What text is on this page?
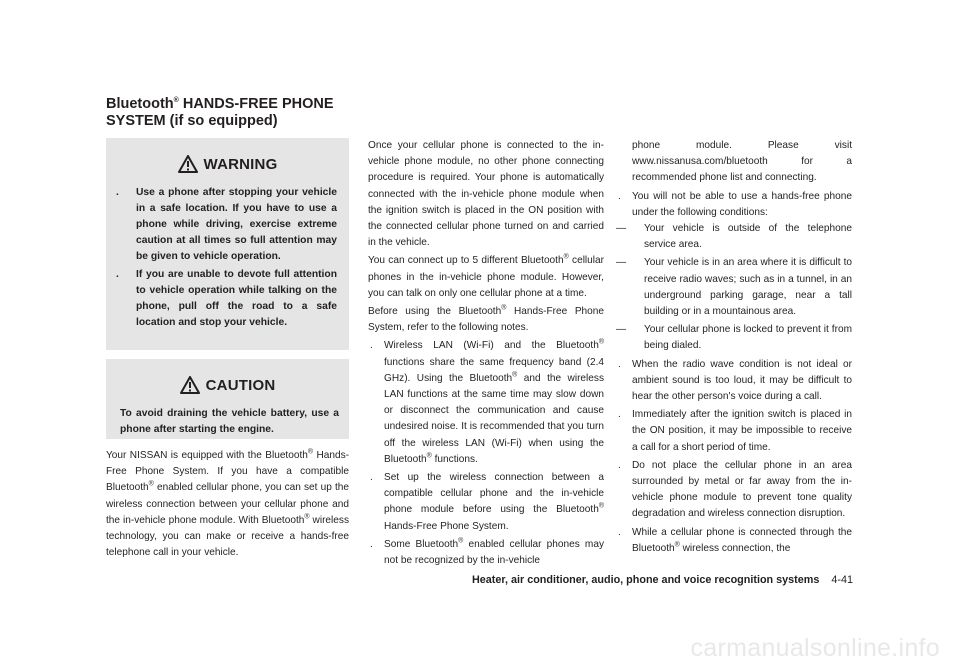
Bluetooth® HANDS-FREE PHONE
SYSTEM (if so equipped)
WARNING
. Use a phone after stopping your vehicle in a safe location. If you have to use a phone while driving, exercise extreme caution at all times so full attention may be given to vehicle operation.
. If you are unable to devote full attention to vehicle operation while talking on the phone, pull off the road to a safe location and stop your vehicle.
CAUTION

To avoid draining the vehicle battery, use a phone after starting the engine.

Your NISSAN is equipped with the Bluetooth® Hands-Free Phone System. If you have a compatible Bluetooth® enabled cellular phone, you can set up the wireless connection between your cellular phone and the in-vehicle phone module. With Bluetooth® wireless technology, you can make or receive a hands-free telephone call in your vehicle.

Once your cellular phone is connected to the in-vehicle phone module, no other phone connecting procedure is required. Your phone is automatically connected with the in-vehicle phone module when the ignition switch is placed in the ON position with the connected cellular phone turned on and carried in the vehicle.

You can connect up to 5 different Bluetooth® cellular phones in the in-vehicle phone module. However, you can talk on only one cellular phone at a time.

Before using the Bluetooth® Hands-Free Phone System, refer to the following notes.

. Wireless LAN (Wi-Fi) and the Bluetooth® functions share the same frequency band (2.4 GHz). Using the Bluetooth® and the wireless LAN functions at the same time may slow down or disconnect the communication and cause undesired noise. It is recommended that you turn off the wireless LAN (Wi-Fi) when using the Bluetooth® functions.
. Set up the wireless connection between a compatible cellular phone and the in-vehicle phone module before using the Bluetooth® Hands-Free Phone System.
. Some Bluetooth® enabled cellular phones may not be recognized by the in-vehicle

phone module. Please visit www.nissanusa.com/bluetooth for a recommended phone list and connecting.

. You will not be able to use a hands-free phone under the following conditions:
—	Your vehicle is outside of the telephone service area.
—	Your vehicle is in an area where it is difficult to receive radio waves; such as in a tunnel, in an underground parking garage, near a tall building or in a mountainous area.
—	Your cellular phone is locked to prevent it from being dialed.
. When the radio wave condition is not ideal or ambient sound is too loud, it may be difficult to hear the other person's voice during a call.
. Immediately after the ignition switch is placed in the ON position, it may be impossible to receive a call for a short period of time.
. Do not place the cellular phone in an area surrounded by metal or far away from the in-vehicle phone module to prevent tone quality degradation and wireless connection disruption.
. While a cellular phone is connected through the Bluetooth® wireless connection, the
Heater, air conditioner, audio, phone and voice recognition systems 4-41
carmanualsonline.info
